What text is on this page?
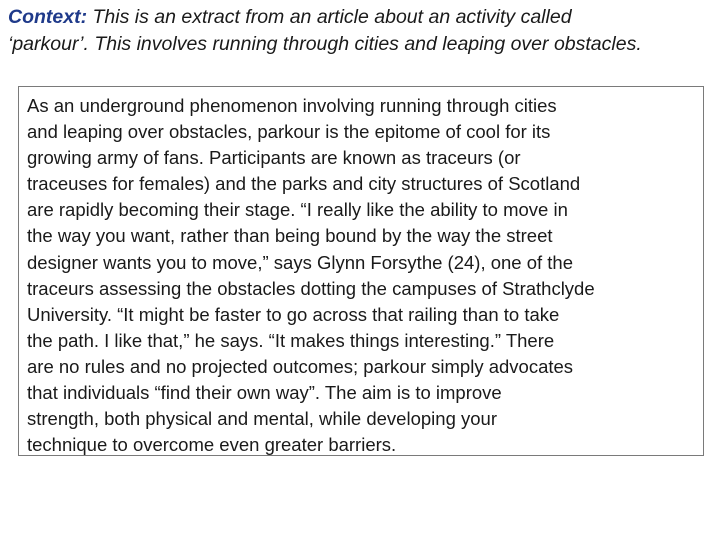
Context: This is an extract from an article about an activity called
‘parkour’. This involves running through cities and leaping over obstacles.
As an underground phenomenon involving running through cities
and leaping over obstacles, parkour is the epitome of cool for its
growing army of fans. Participants are known as traceurs (or
traceuses for females) and the parks and city structures of Scotland
are rapidly becoming their stage. “I really like the ability to move in
the way you want, rather than being bound by the way the street
designer wants you to move,” says Glynn Forsythe (24), one of the
traceurs assessing the obstacles dotting the campuses of Strathclyde
University. “It might be faster to go across that railing than to take
the path. I like that,” he says. “It makes things interesting.” There
are no rules and no projected outcomes; parkour simply advocates
that individuals “find their own way”. The aim is to improve
strength, both physical and mental, while developing your
technique to overcome even greater barriers.
